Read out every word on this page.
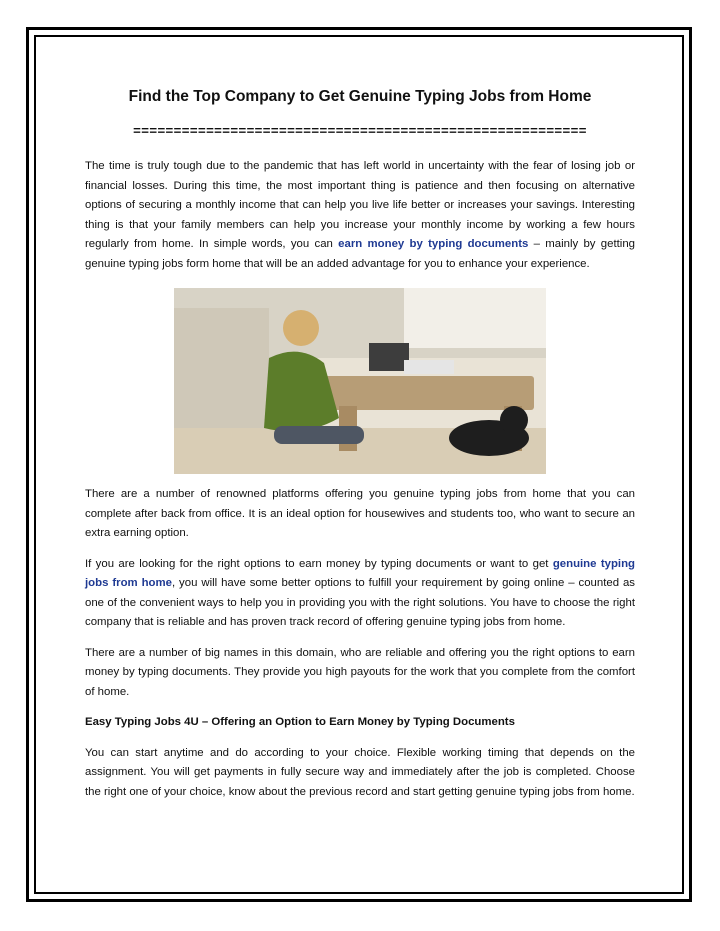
Find the Top Company to Get Genuine Typing Jobs from Home
========================================================

The time is truly tough due to the pandemic that has left world in uncertainty with the fear of losing job or financial losses. During this time, the most important thing is patience and then focusing on alternative options of securing a monthly income that can help you live life better or increases your savings. Interesting thing is that your family members can help you increase your monthly income by working a few hours regularly from home. In simple words, you can earn money by typing documents – mainly by getting genuine typing jobs form home that will be an added advantage for you to enhance your experience.

There are a number of renowned platforms offering you genuine typing jobs from home that you can complete after back from office. It is an ideal option for housewives and students too, who want to secure an extra earning option.

If you are looking for the right options to earn money by typing documents or want to get genuine typing jobs from home, you will have some better options to fulfill your requirement by going online – counted as one of the convenient ways to help you in providing you with the right solutions. You have to choose the right company that is reliable and has proven track record of offering genuine typing jobs from home.

There are a number of big names in this domain, who are reliable and offering you the right options to earn money by typing documents. They provide you high payouts for the work that you complete from the comfort of home.

Easy Typing Jobs 4U – Offering an Option to Earn Money by Typing Documents

You can start anytime and do according to your choice. Flexible working timing that depends on the assignment. You will get payments in fully secure way and immediately after the job is completed. Choose the right one of your choice, know about the previous record and start getting genuine typing jobs from home.
